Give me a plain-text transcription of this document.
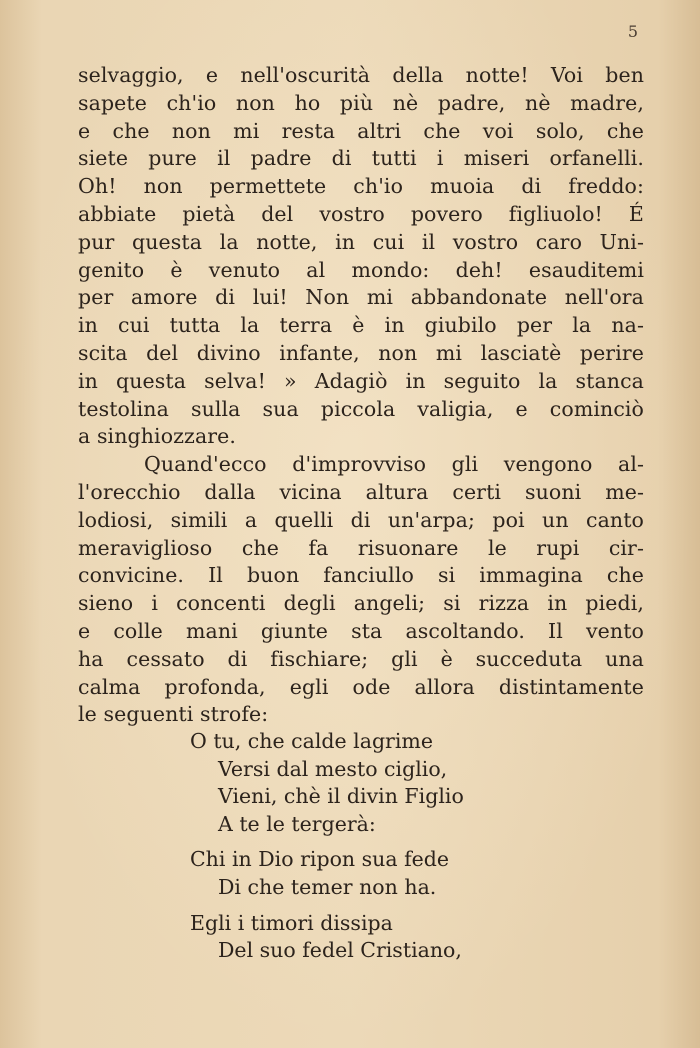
5
selvaggio, e nell'oscurità della notte! Voi ben
sapete ch'io non ho più nè padre, nè madre,
e che non mi resta altri che voi solo, che
siete pure il padre di tutti i miseri orfanelli.
Oh! non permettete ch'io muoia di freddo:
abbiate pietà del vostro povero figliuolo! É
pur questa la notte, in cui il vostro caro Uni-
genito è venuto al mondo: deh! esauditemi
per amore di lui! Non mi abbandonate nell'ora
in cui tutta la terra è in giubilo per la na-
scita del divino infante, non mi lasciatè perire
in questa selva! » Adagiò in seguito la stanca
testolina sulla sua piccola valigia, e cominciò
a singhiozzare.
Quand'ecco d'improvviso gli vengono al-
l'orecchio dalla vicina altura certi suoni me-
lodiosi, simili a quelli di un'arpa; poi un canto
meraviglioso che fa risuonare le rupi cir-
convicine. Il buon fanciullo si immagina che
sieno i concenti degli angeli; si rizza in piedi,
e colle mani giunte sta ascoltando. Il vento
ha cessato di fischiare; gli è succeduta una
calma profonda, egli ode allora distintamente
le seguenti strofe:
O tu, che calde lagrime
Versi dal mesto ciglio,
Vieni, chè il divin Figlio
A te le tergerà:
Chi in Dio ripon sua fede
Di che temer non ha.
Egli i timori dissipa
Del suo fedel Cristiano,
